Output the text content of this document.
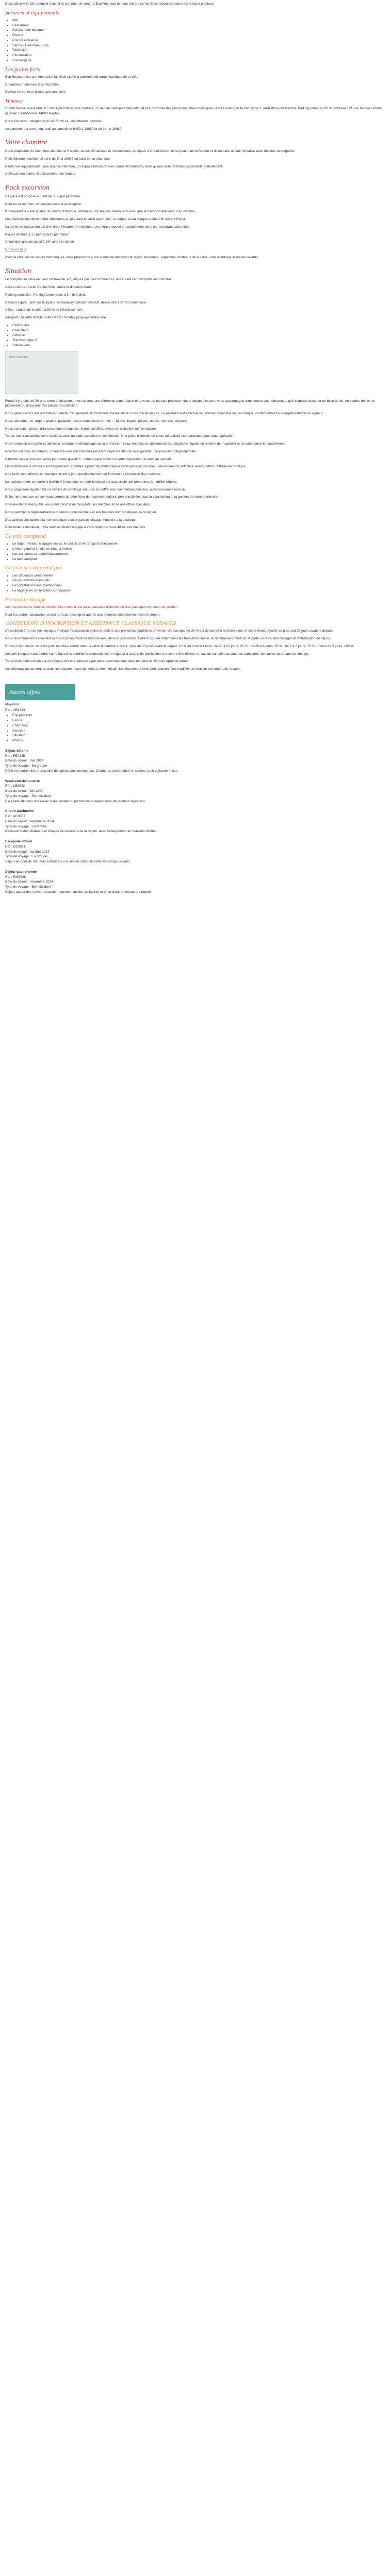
Description À la fois comptoir d'achat et comptoir de vente, L'Écu Reynaud est une entreprise familiale spécialisée dans les métaux précieux.

Services et équipements
• Wifi
• Restaurant
• Service petit déjeuner
• Piscine
• Piscine intérieure
• Sauna - Hammam - Spa
• Télévision
• Climatisation
• Conciergerie
Les points forts

Ecu Reynaud est une entreprise familiale située à proximité du cœur historique de la ville.

Chambres modernes et confortables

Service de vente et d'achat personnalisé

Venez-y

L'hôtel Reynaud est situé à 5 min à pied de la gare centrale, 12 min de l'aéroport international et à proximité des principaux sites touristiques. Accès direct par le tram ligne 2, arrêt Place du Marché. Parking public à 200 m. Adresse : 21 rue Jacques Prunet, Quartier Saint-Michel, 44000 Nantes.

Nous contacter : téléphone 02 40 35 26 14, site internet, courriel.

Le comptoir est ouvert du lundi au samedi de 9h30 à 12h30 et de 14h à 18h30.

Votre chambre

Nous proposons 24 chambres doubles et 6 suites, toutes climatisées et insonorisées, équipées d'une télévision écran plat, d'un coffre-fort et d'une salle de bain privative avec douche ou baignoire.

Petit déjeuner continental servi de 7h à 10h30 en salle ou en chambre.

Parmi nos équipements : une piscine intérieure, un espace bien-être avec sauna et hammam, ainsi qu'une salle de fitness accessible gratuitement.

Animaux non admis. Établissement non-fumeur.

Pack excursion

Ce pack est proposé au tarif de 35 € par personne.

Pour en savoir plus, renseignez-vous à la réception.

Il comprend la visite guidée du centre historique, l'entrée au musée des Beaux-Arts ainsi que le transport aller-retour en minibus.

Les réservations doivent être effectuées au plus tard la veille avant 18h. Le départ a lieu chaque matin à 9h devant l'hôtel.

La durée de l'excursion est d'environ 4 heures. Un déjeuner peut être proposé en supplément dans un restaurant partenaire.

Places limitées à 12 participants par départ.

Annulation gratuite jusqu'à 24h avant le départ.

En savoir plus

Avec la création de circuits thématiques, nous proposons à nos clients de découvrir la région autrement : vignobles, châteaux de la Loire, côte atlantique et marais salants.

Situation

Le comptoir se situe en plein centre-ville, à quelques pas des commerces, restaurants et transports en commun.

Accès voiture : sortie Centre-Ville, suivre la direction Gare.

Parking conseillé : Parking Commerce, à 3 min à pied.

Depuis la gare : prendre la ligne 2 du tramway direction Orvault, descendre à l'arrêt Commerce.

Vélos : station de location à 50 m de l'établissement.

Aéroport : navette directe toutes les 20 minutes jusqu'au centre-ville.

• Centre-ville
• Gare SNCF
• Aéroport
• Tramway ligne 2
• Station vélo
Plan d'accès

Fondé il y a plus de 30 ans, notre établissement est devenu une référence dans l'achat et la vente de métaux précieux. Notre équipe d'experts vous accompagne dans toutes vos démarches, qu'il s'agisse d'estimer un bijou hérité, de vendre de l'or de placement ou d'acquérir des pièces de collection.

Nous garantissons une estimation gratuite, transparente et immédiate, basée sur le cours officiel du jour. Le paiement est effectué par virement bancaire ou par chèque, conformément à la réglementation en vigueur.

Nous achetons : or, argent, platine, palladium, sous toutes leurs formes — bijoux, lingots, pièces, débris, montres, couverts.

Nous vendons : pièces d'investissement, lingotins, lingots certifiés, pièces de collection numismatique.

Toutes nos transactions sont réalisées dans un cadre sécurisé et confidentiel. Une pièce d'identité en cours de validité est demandée pour toute opération.

Notre comptoir est agréé et adhère à la charte de déontologie de la profession. Nous respectons strictement les obligations légales en matière de traçabilité et de lutte contre le blanchiment.

Pour les volumes importants, un rendez-vous personnalisé peut être organisé afin de vous garantir une prise en charge optimale.

N'hésitez pas à nous contacter pour toute question : notre équipe se tient à votre disposition du lundi au samedi.

Les estimations à distance sont également possibles à partir de photographies envoyées par courriel ; une estimation définitive sera toutefois réalisée en boutique.

Nos tarifs sont affichés en boutique et mis à jour quotidiennement en fonction de l'évolution des marchés.

Le stationnement est facile à proximité immédiate et notre boutique est accessible aux personnes à mobilité réduite.

Nous proposons également un service de stockage sécurisé en coffre pour vos métaux précieux, avec assurance incluse.

Enfin, notre espace conseil vous permet de bénéficier de recommandations personnalisées pour la constitution et la gestion de votre patrimoine.

Une newsletter mensuelle vous tient informé de l'actualité des marchés et de nos offres spéciales.

Nous participons régulièrement aux salons professionnels et aux bourses numismatiques de la région.

Des ateliers d'initiation à la numismatique sont organisés chaque trimestre à la boutique.

Pour toute réclamation, notre service client s'engage à vous répondre sous 48 heures ouvrées.

Ce prix comprend
• Le trajet - Retour. Bagages inclus, le tout dans le transport sélectionné
• L'hébergement 2 nuits en hôtel 3 étoiles
• Les transferts aéroport/hôtel/aéroport
• Le taxe aéroport
Ce prix ne comprend pas
• Les dépenses personnelles
• Les pourboires éventuels
• Les prestations non mentionnées
• Le bagage en soute (selon compagnie)
Formalité Voyage

Les ressortissants français doivent être munis d'une carte nationale d'identité ou d'un passeport en cours de validité.

Pour les autres nationalités, merci de vous renseigner auprès des autorités compétentes avant le départ.

CONDITIONS D'INSCRIPTION ET ASSISTANCE CLASSIQUE VOYAGES

L'inscription à l'un de nos voyages implique l'acceptation pleine et entière des présentes conditions de vente. Un acompte de 30 % est demandé à la réservation, le solde étant payable au plus tard 30 jours avant le départ.

Nous recommandons vivement la souscription d'une assurance annulation et assistance. Celle-ci couvre notamment les frais d'annulation, le rapatriement médical, la perte ou le vol des bagages et l'interruption de séjour.

En cas d'annulation de votre part, des frais seront retenus selon le barème suivant : plus de 30 jours avant le départ, 10 % du montant total ; de 30 à 21 jours, 25 % ; de 20 à 8 jours, 50 % ; de 7 à 2 jours, 75 % ; moins de 2 jours, 100 %.

Les prix indiqués sont établis sur la base des conditions économiques en vigueur à la date de publication et peuvent être révisés en cas de variation du coût des transports, des taxes ou du taux de change.

Toute réclamation relative à un voyage doit être adressée par lettre recommandée dans un délai de 30 jours après le retour.

Les informations contenues dans ce document sont données à titre indicatif. Les horaires et itinéraires peuvent être modifiés en fonction des impératifs locaux.

Autres offres
Mayenne
Réf : AB1234
• Équipements
• Loisirs
• Chambres
• Services
• Situation
• Photos
Séjour détente
Réf : FE2145
Date du séjour : mai 2024
Type de voyage : En groupe
Hôtel en centre-ville, à proximité des principaux commerces. Chambres confortables et calmes, petit déjeuner inclus.
Week-end découverte
Réf : LE8842
Date du séjour : juin 2024
Type de voyage : En individuel
Escapade de deux nuits avec visite guidée du patrimoine et dégustation de produits régionaux.
Circuit patrimoine
Réf : AG3357
Date du séjour : septembre 2024
Type de voyage : En famille
Découverte des châteaux et villages de caractère de la région, avec hébergement en maisons d'hôtes.
Escapade littoral
Réf : DC9071
Date du séjour : octobre 2024
Type de voyage : En groupe
Séjour en bord de mer avec balades sur le sentier côtier et visite des marais salants.
Séjour gastronomie
Réf : RM5528
Date du séjour : novembre 2024
Type de voyage : En individuel
Séjour autour des saveurs locales : marchés, ateliers culinaires et dîner dans un restaurant réputé.
